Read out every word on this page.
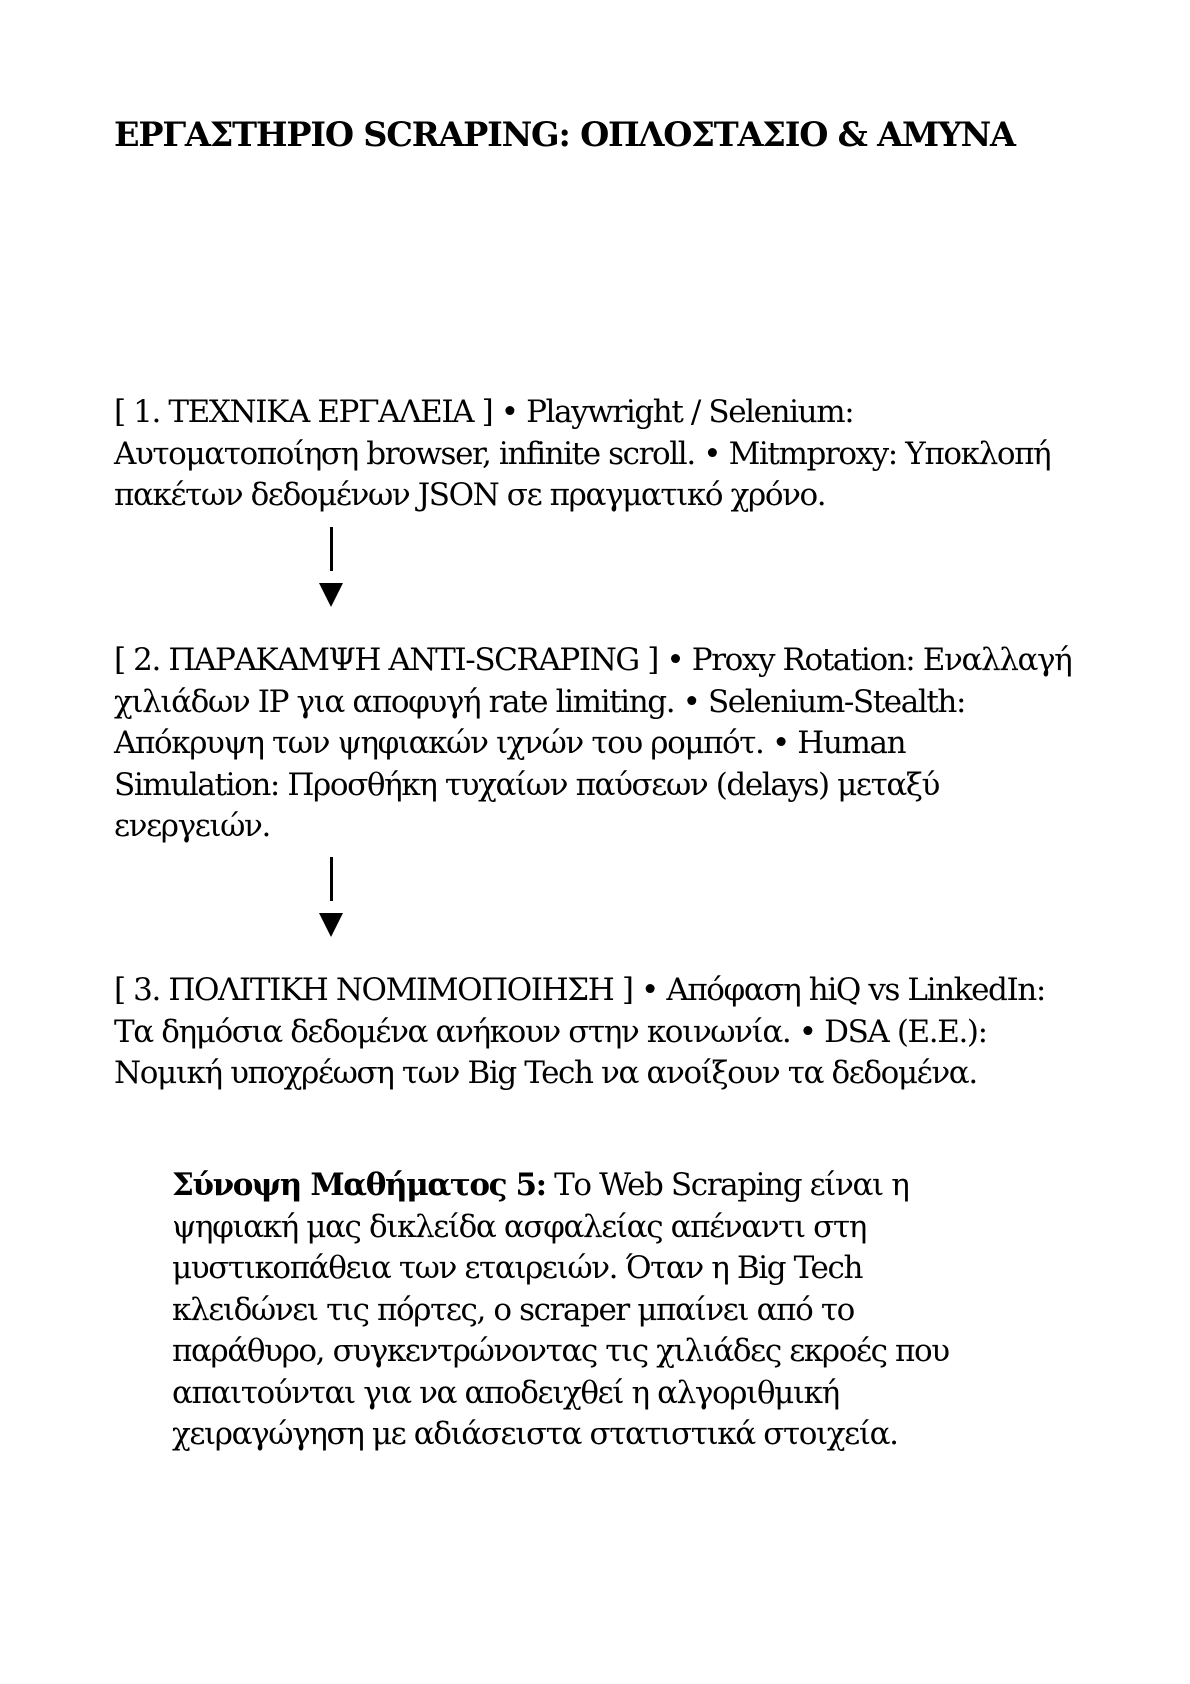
ΕΡΓΑΣΤΗΡΙΟ SCRAPING: ΟΠΛΟΣΤΑΣΙΟ & ΑΜΥΝΑ

[ 1. ΤΕΧΝΙΚΑ ΕΡΓΑΛΕΙΑ ] • Playwright / Selenium: Αυτοματοποίηση browser, infinite scroll. • Mitmproxy: Υποκλοπή πακέτων δεδομένων JSON σε πραγματικό χρόνο.

[ 2. ΠΑΡΑΚΑΜΨΗ ANTI-SCRAPING ] • Proxy Rotation: Εναλλαγή χιλιάδων IP για αποφυγή rate limiting. • Selenium-Stealth: Απόκρυψη των ψηφιακών ιχνών του ρομπότ. • Human Simulation: Προσθήκη τυχαίων παύσεων (delays) μεταξύ ενεργειών.

[ 3. ΠΟΛΙΤΙΚΗ ΝΟΜΙΜΟΠΟΙΗΣΗ ] • Απόφαση hiQ vs LinkedIn: Τα δημόσια δεδομένα ανήκουν στην κοινωνία. • DSA (Ε.Ε.): Νομική υποχρέωση των Big Tech να ανοίξουν τα δεδομένα.

Σύνοψη Μαθήματος 5: Το Web Scraping είναι η ψηφιακή μας δικλείδα ασφαλείας απέναντι στη μυστικοπάθεια των εταιρειών. Όταν η Big Tech κλειδώνει τις πόρτες, ο scraper μπαίνει από το παράθυρο, συγκεντρώνοντας τις χιλιάδες εκροές που απαιτούνται για να αποδειχθεί η αλγοριθμική χειραγώγηση με αδιάσειστα στατιστικά στοιχεία.
